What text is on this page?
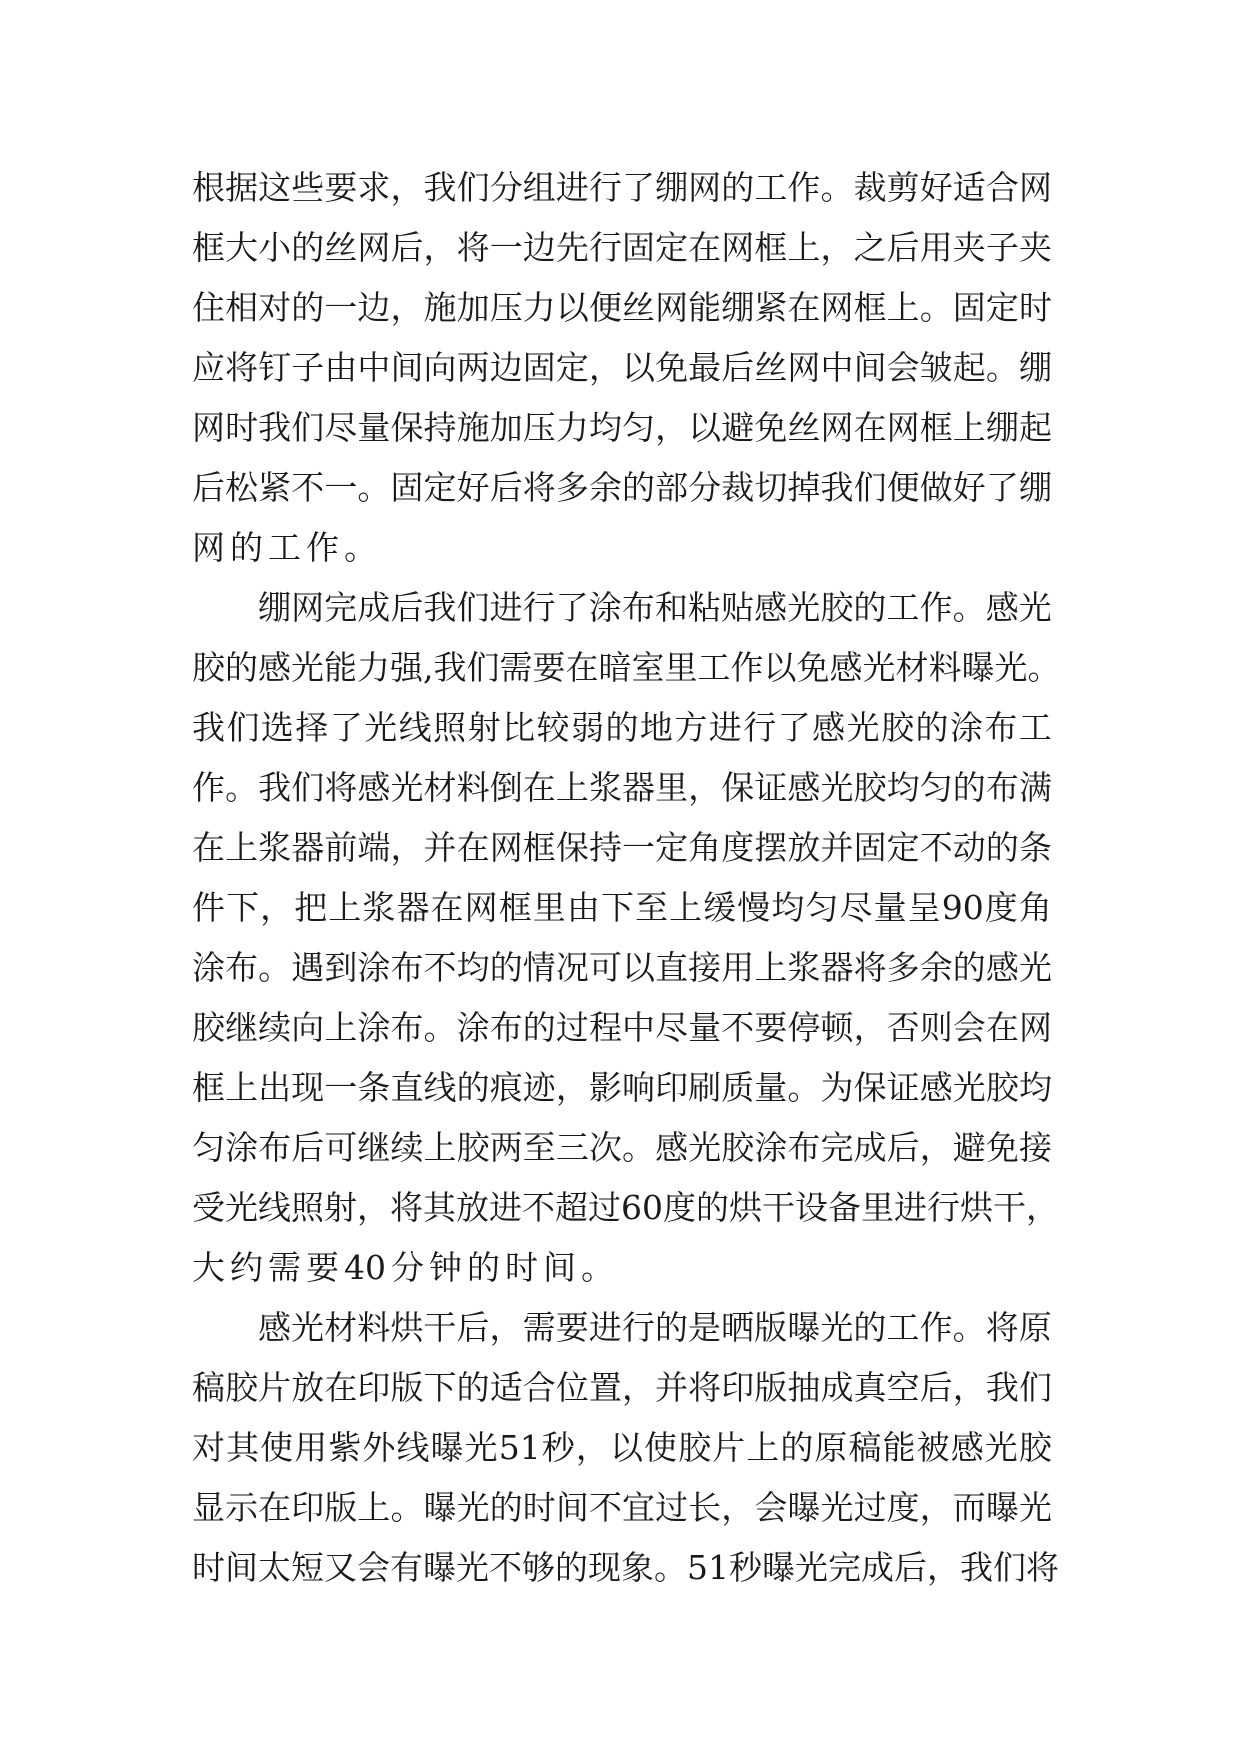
根 据 这 些 要 求 ， 我 们 分 组 进 行 了 绷 网 的 工 作 。 裁 剪 好 适 合 网
框 大 小 的 丝 网 后 ， 将 一 边 先 行 固 定 在 网 框 上 ， 之 后 用 夹 子 夹
住 相 对 的 一 边 ， 施 加 压 力 以 便 丝 网 能 绷 紧 在 网 框 上 。 固 定 时
应 将 钉 子 由 中 间 向 两 边 固 定 ， 以 免 最 后 丝 网 中 间 会 皱 起 。 绷
网 时 我 们 尽 量 保 持 施 加 压 力 均 匀 ， 以 避 免 丝 网 在 网 框 上 绷 起
后 松 紧 不 一 。 固 定 好 后 将 多 余 的 部 分 裁 切 掉 我 们 便 做 好 了 绷
网 的 工 作 。
绷 网 完 成 后 我 们 进 行 了 涂 布 和 粘 贴 感 光 胶 的 工 作 。 感 光
胶 的 感 光 能 力 强 , 我 们 需 要 在 暗 室 里 工 作 以 免 感 光 材 料 曝 光 。
我 们 选 择 了 光 线 照 射 比 较 弱 的 地 方 进 行 了 感 光 胶 的 涂 布 工
作 。 我 们 将 感 光 材 料 倒 在 上 浆 器 里 ， 保 证 感 光 胶 均 匀 的 布 满
在 上 浆 器 前 端 ， 并 在 网 框 保 持 一 定 角 度 摆 放 并 固 定 不 动 的 条
件 下 ， 把 上 浆 器 在 网 框 里 由 下 至 上 缓 慢 均 匀 尽 量 呈 90 度 角
涂 布 。 遇 到 涂 布 不 均 的 情 况 可 以 直 接 用 上 浆 器 将 多 余 的 感 光
胶 继 续 向 上 涂 布 。 涂 布 的 过 程 中 尽 量 不 要 停 顿 ， 否 则 会 在 网
框 上 出 现 一 条 直 线 的 痕 迹 ， 影 响 印 刷 质 量 。 为 保 证 感 光 胶 均
匀 涂 布 后 可 继 续 上 胶 两 至 三 次 。 感 光 胶 涂 布 完 成 后 ， 避 免 接
受 光 线 照 射 ， 将 其 放 进 不 超 过 60 度 的 烘 干 设 备 里 进 行 烘 干 ，
大 约 需 要 40 分 钟 的 时 间 。
感 光 材 料 烘 干 后 ， 需 要 进 行 的 是 晒 版 曝 光 的 工 作 。 将 原
稿 胶 片 放 在 印 版 下 的 适 合 位 置 ， 并 将 印 版 抽 成 真 空 后 ， 我 们
对 其 使 用 紫 外 线 曝 光 51 秒 ， 以 使 胶 片 上 的 原 稿 能 被 感 光 胶
显 示 在 印 版 上 。 曝 光 的 时 间 不 宜 过 长 ， 会 曝 光 过 度 ， 而 曝 光
时 间 太 短 又 会 有 曝 光 不 够 的 现 象 。 51 秒 曝 光 完 成 后 ， 我 们 将
